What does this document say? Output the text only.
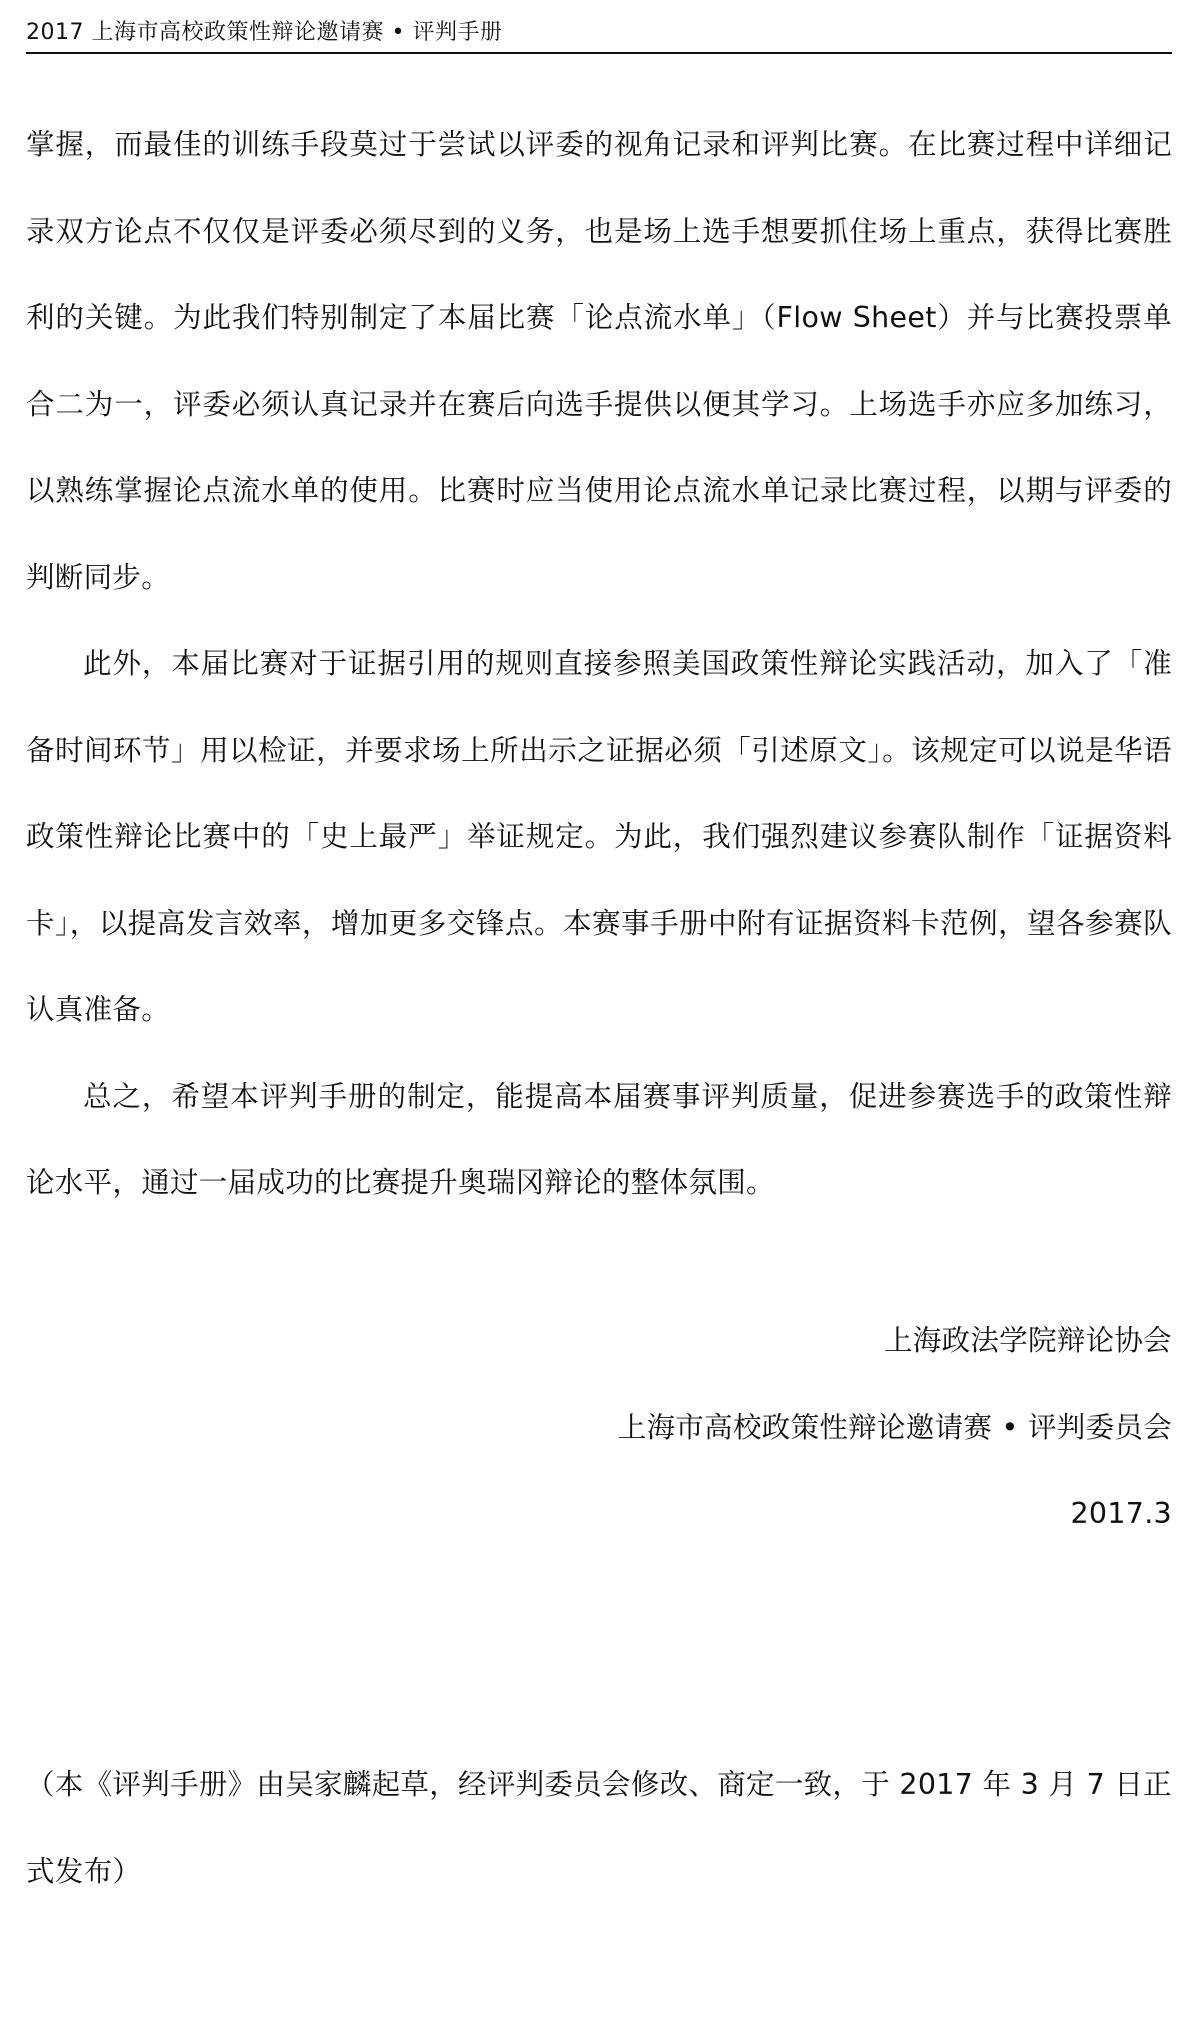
2017 上海市高校政策性辩论邀请赛 • 评判手册

掌握，而最佳的训练手段莫过于尝试以评委的视角记录和评判比赛。在比赛过程中详细记录双方论点不仅仅是评委必须尽到的义务，也是场上选手想要抓住场上重点，获得比赛胜利的关键。为此我们特别制定了本届比赛「论点流水单」（Flow Sheet）并与比赛投票单合二为一，评委必须认真记录并在赛后向选手提供以便其学习。上场选手亦应多加练习，以熟练掌握论点流水单的使用。比赛时应当使用论点流水单记录比赛过程，以期与评委的判断同步。

此外，本届比赛对于证据引用的规则直接参照美国政策性辩论实践活动，加入了「准备时间环节」用以检证，并要求场上所出示之证据必须「引述原文」。该规定可以说是华语政策性辩论比赛中的「史上最严」举证规定。为此，我们强烈建议参赛队制作「证据资料卡」，以提高发言效率，增加更多交锋点。本赛事手册中附有证据资料卡范例，望各参赛队认真准备。

总之，希望本评判手册的制定，能提高本届赛事评判质量，促进参赛选手的政策性辩论水平，通过一届成功的比赛提升奥瑞冈辩论的整体氛围。

上海政法学院辩论协会
上海市高校政策性辩论邀请赛 • 评判委员会
2017.3

（本《评判手册》由吴家麟起草，经评判委员会修改、商定一致，于 2017 年 3 月 7 日正式发布）
